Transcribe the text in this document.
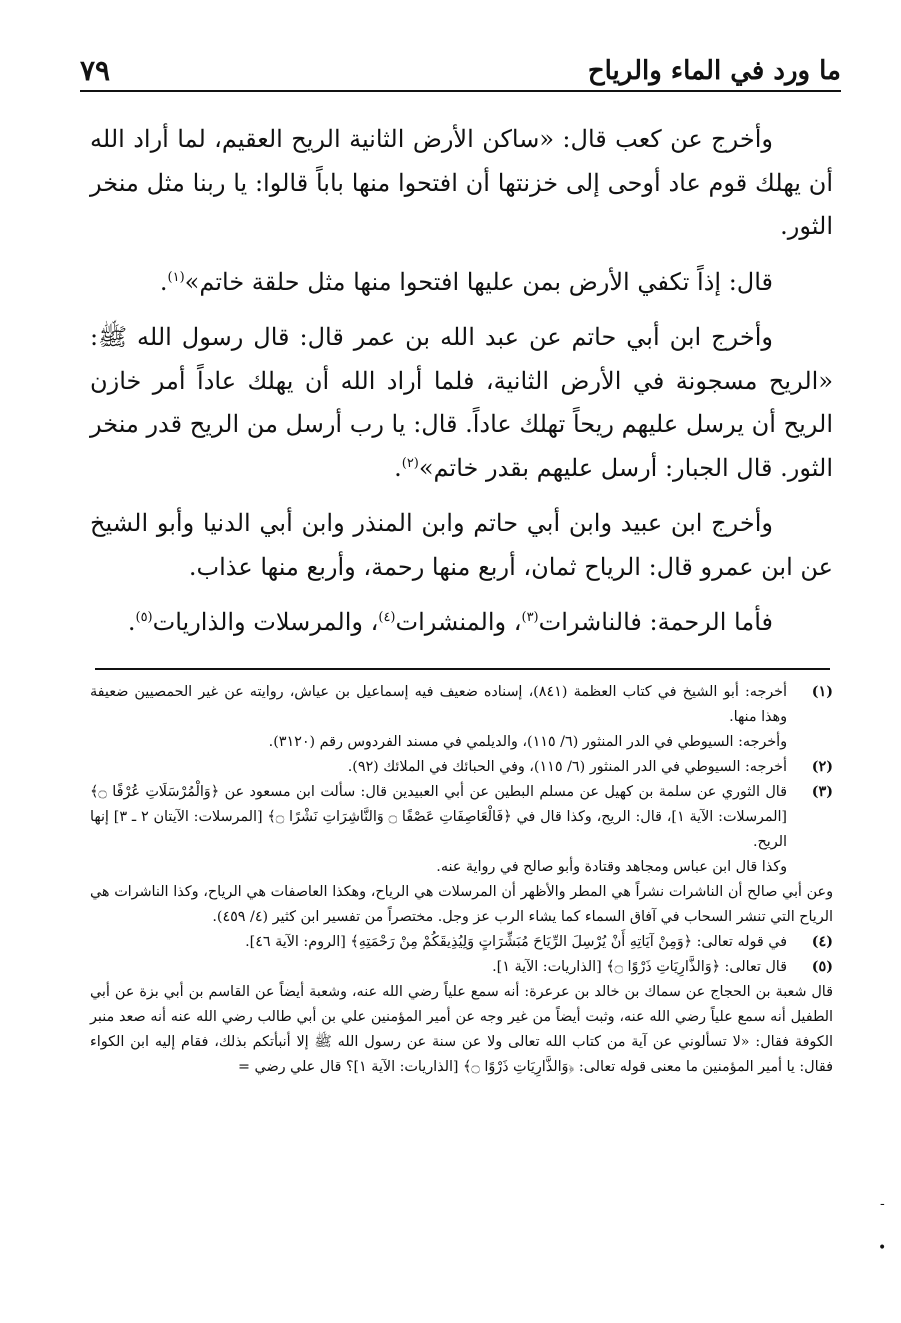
٧٩	ما ورد في الماء والرياح

وأخرج عن كعب قال: «ساكن الأرض الثانية الريح العقيم، لما أراد الله أن يهلك قوم عاد أوحى إلى خزنتها أن افتحوا منها باباً قالوا: يا ربنا مثل منخر الثور.

قال: إذاً تكفي الأرض بمن عليها افتحوا منها مثل حلقة خاتم»$^{(١)}$.

وأخرج ابن أبي حاتم عن عبد الله بن عمر قال: قال رسول الله ﷺ: «الريح مسجونة في الأرض الثانية، فلما أراد الله أن يهلك عاداً أمر خازن الريح أن يرسل عليهم ريحاً تهلك عاداً. قال: يا رب أرسل من الريح قدر منخر الثور. قال الجبار: أرسل عليهم بقدر خاتم»$^{(٢)}$.

وأخرج ابن عبيد وابن أبي حاتم وابن المنذر وابن أبي الدنيا وأبو الشيخ عن ابن عمرو قال: الرياح ثمان، أربع منها رحمة، وأربع منها عذاب.

فأما الرحمة: فالناشرات$^{(٣)}$، والمنشرات$^{(٤)}$، والمرسلات والذاريات$^{(٥)}$.

(١)

أخرجه: أبو الشيخ في كتاب العظمة (٨٤١)، إسناده ضعيف فيه إسماعيل بن عياش، روايته عن غير الحمصيين ضعيفة وهذا منها.

وأخرجه: السيوطي في الدر المنثور (٦/ ١١٥)، والديلمي في مسند الفردوس رقم (٣١٢٠).

(٢)

أخرجه: السيوطي في الدر المنثور (٦/ ١١٥)، وفي الحبائك في الملائك (٩٢).

(٣)

قال الثوري عن سلمة بن كهيل عن مسلم البطين عن أبي العبيدين قال: سألت ابن مسعود عن ﴿وَالْمُرْسَلَاتِ عُرْفًا ۝﴾ [المرسلات: الآية ١]، قال: الريح، وكذا قال في ﴿فَالْعَاصِفَاتِ عَصْفًا ۝ وَالنَّاشِرَاتِ نَشْرًا ۝﴾ [المرسلات: الآيتان ٢ ـ ٣] إنها الريح.

وكذا قال ابن عباس ومجاهد وقتادة وأبو صالح في رواية عنه.

وعن أبي صالح أن الناشرات نشراً هي المطر والأظهر أن المرسلات هي الرياح، وهكذا العاصفات هي الرياح، وكذا الناشرات هي الرياح التي تنشر السحاب في آفاق السماء كما يشاء الرب عز وجل. مختصراً من تفسير ابن كثير (٤/ ٤٥٩).

(٤)

في قوله تعالى: ﴿وَمِنْ آيَاتِهِ أَنْ يُرْسِلَ الرِّيَاحَ مُبَشِّرَاتٍ وَلِيُذِيقَكُمْ مِنْ رَحْمَتِهِ﴾ [الروم: الآية ٤٦].

(٥)

قال تعالى: ﴿وَالذَّارِيَاتِ ذَرْوًا ۝﴾ [الذاريات: الآية ١].

قال شعبة بن الحجاج عن سماك بن خالد بن عرعرة: أنه سمع علياً رضي الله عنه، وشعبة أيضاً عن القاسم بن أبي بزة عن أبي الطفيل أنه سمع علياً رضي الله عنه، وثبت أيضاً من غير وجه عن أمير المؤمنين علي بن أبي طالب رضي الله عنه أنه صعد منبر الكوفة فقال: «لا تسألوني عن آية من كتاب الله تعالى ولا عن سنة عن رسول الله ﷺ إلا أنبأتكم بذلك، فقام إليه ابن الكواء فقال: يا أمير المؤمنين ما معنى قوله تعالى: ﴿وَالذَّارِيَاتِ ذَرْوًا ۝﴾ [الذاريات: الآية ١]؟ قال علي رضي =

-
•
